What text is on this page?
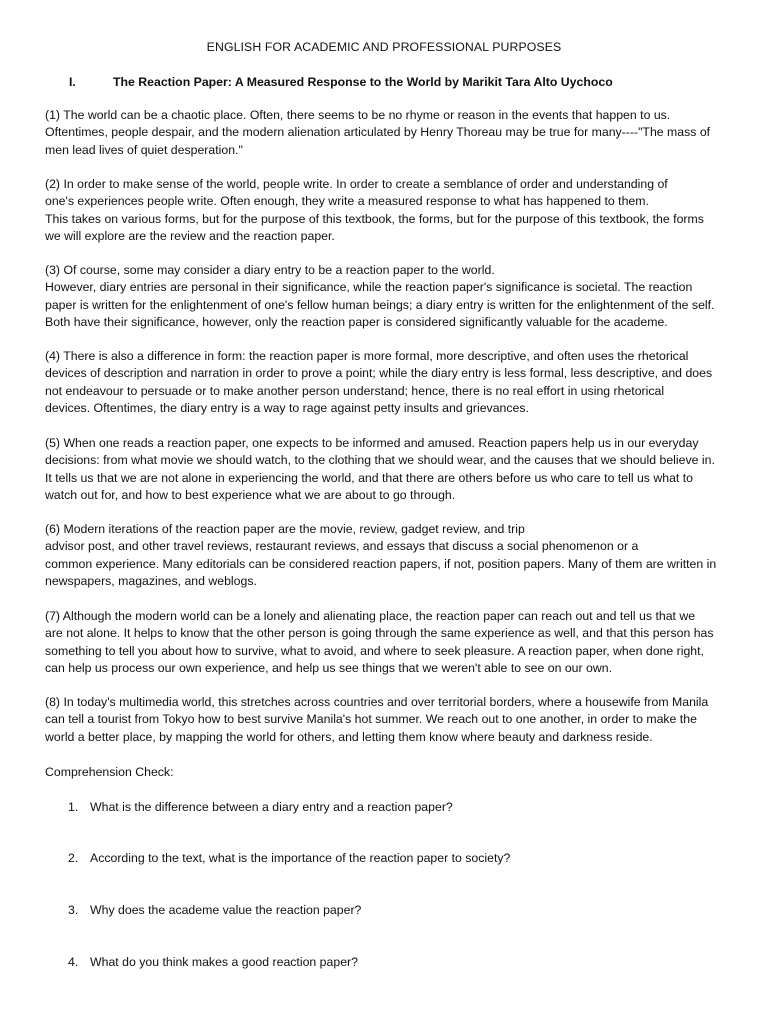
ENGLISH FOR ACADEMIC AND PROFESSIONAL PURPOSES
I.	The Reaction Paper: A Measured Response to the World by Marikit Tara Alto Uychoco
(1) The world can be a chaotic place. Often, there seems to be no rhyme or reason in the events that happen to us.
Oftentimes, people despair, and the modern alienation articulated by Henry Thoreau may be true for many----"The mass of
men lead lives of quiet desperation."
(2) In order to make sense of the world, people write. In order to create a semblance of order and understanding of
one's experiences people write. Often enough, they write a measured response to what has happened to them.
This takes on various forms, but for the purpose of this textbook, the forms, but for the purpose of this textbook, the forms
we will explore are the review and the reaction paper.
(3) Of course, some may consider a diary entry to be a reaction paper to the world.
However, diary entries are personal in their significance, while the reaction paper's significance is societal. The reaction
paper is written for the enlightenment of one's fellow human beings; a diary entry is written for the enlightenment of the self.
Both have their significance, however, only the reaction paper is considered significantly valuable for the academe.
(4) There is also a difference in form: the reaction paper is more formal, more descriptive, and often uses the rhetorical
devices of description and narration in order to prove a point; while the diary entry is less formal, less descriptive, and does
not endeavour to persuade or to make another person understand; hence, there is no real effort in using rhetorical
devices. Oftentimes, the diary entry is a way to rage against petty insults and grievances.
(5) When one reads a reaction paper, one expects to be informed and amused. Reaction papers help us in our everyday
decisions: from what movie we should watch, to the clothing that we should wear, and the causes that we should believe in.
It tells us that we are not alone in experiencing the world, and that there are others before us who care to tell us what to
watch out for, and how to best experience what we are about to go through.
(6) Modern iterations of the reaction paper are the movie, review, gadget review, and trip
advisor post, and other travel reviews, restaurant reviews, and essays that discuss a social phenomenon or a
common experience. Many editorials can be considered reaction papers, if not, position papers. Many of them are written in
newspapers, magazines, and weblogs.
(7) Although the modern world can be a lonely and alienating place, the reaction paper can reach out and tell us that we
are not alone. It helps to know that the other person is going through the same experience as well, and that this person has
something to tell you about how to survive, what to avoid, and where to seek pleasure. A reaction paper, when done right,
can help us process our own experience, and help us see things that we weren't able to see on our own.
(8) In today's multimedia world, this stretches across countries and over territorial borders, where a housewife from Manila
can tell a tourist from Tokyo how to best survive Manila's hot summer. We reach out to one another, in order to make the
world a better place, by mapping the world for others, and letting them know where beauty and darkness reside.
Comprehension Check:
1. What is the difference between a diary entry and a reaction paper?
2. According to the text, what is the importance of the reaction paper to society?
3. Why does the academe value the reaction paper?
4. What do you think makes a good reaction paper?
